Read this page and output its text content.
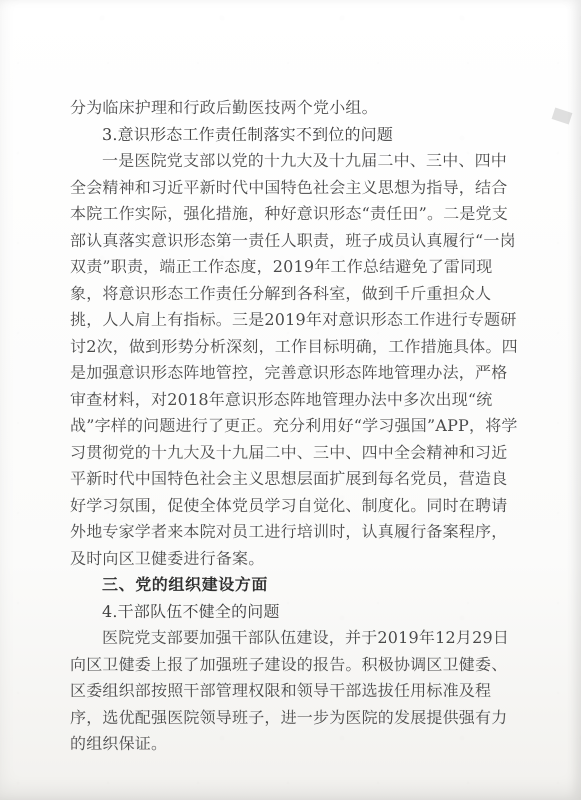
分为临床护理和行政后勤医技两个党小组。

3.意识形态工作责任制落实不到位的问题

一是医院党支部以党的十九大及十九届二中、三中、四中全会精神和习近平新时代中国特色社会主义思想为指导，结合本院工作实际，强化措施，种好意识形态“责任田”。二是党支部认真落实意识形态第一责任人职责，班子成员认真履行“一岗双责”职责，端正工作态度，2019年工作总结避免了雷同现象，将意识形态工作责任分解到各科室，做到千斤重担众人挑，人人肩上有指标。三是2019年对意识形态工作进行专题研讨2次，做到形势分析深刻，工作目标明确，工作措施具体。四是加强意识形态阵地管控，完善意识形态阵地管理办法，严格审查材料，对2018年意识形态阵地管理办法中多次出现“统战”字样的问题进行了更正。充分利用好“学习强国”APP，将学习贯彻党的十九大及十九届二中、三中、四中全会精神和习近平新时代中国特色社会主义思想层面扩展到每名党员，营造良好学习氛围，促使全体党员学习自觉化、制度化。同时在聘请外地专家学者来本院对员工进行培训时，认真履行备案程序，及时向区卫健委进行备案。

三、党的组织建设方面

4.干部队伍不健全的问题

医院党支部要加强干部队伍建设，并于2019年12月29日向区卫健委上报了加强班子建设的报告。积极协调区卫健委、区委组织部按照干部管理权限和领导干部选拔任用标准及程序，选优配强医院领导班子，进一步为医院的发展提供强有力的组织保证。
